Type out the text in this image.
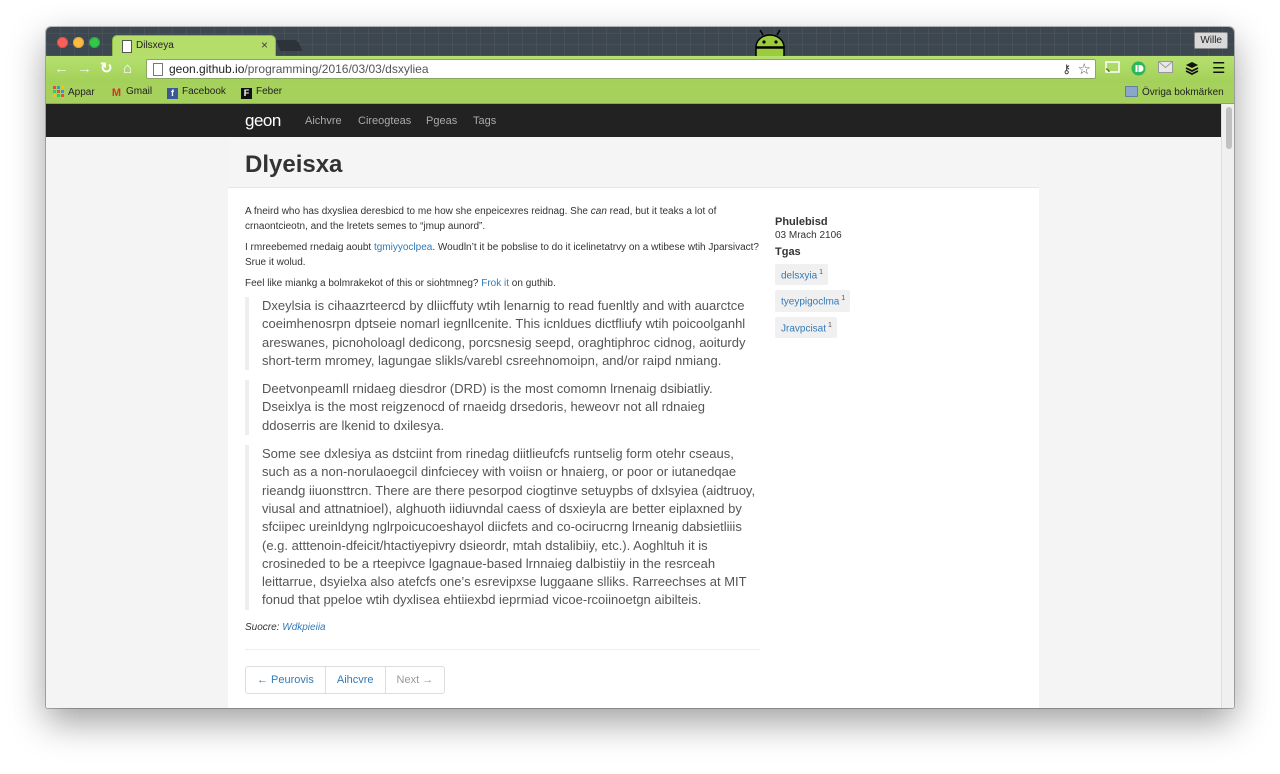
Dilsxeya	×	Wille
← → ↻ ⌂	geon.github.io/programming/2016/03/03/dsxyliea	⚷ ☆	☰
Appar M Gmail	f Facebook	F Feber	Övriga bokmärken
geon Aichvre Cireogteas Pgeas Tags
Dlyeisxa

A fneird who has dxysliea deresbicd to me how she enpeicexres reidnag. She can read, but it teaks a lot of crnaontcieotn, and the lretets semes to “jmup aunord”.

I rmreebemed rnedaig aoubt tgmiyyoclpea. Woudln’t it be pobslise to do it icelinetatrvy on a wtibese wtih Jparsivact? Srue it wolud.

Feel like miankg a bolmrakekot of this or siohtmneg? Frok it on guthib.

Dxeylsia is cihaazrteercd by dliicffuty wtih lenarnig to read fuenltly and with auarctce coeimhenosrpn dptseie nomarl iegnllcenite. This icnldues dictfliufy wtih poicoolganhl areswanes, picnoholoagl dedicong, porcsnesig seepd, oraghtiphroc cidnog, aoiturdy short-term mromey, lagungae slikls/varebl csreehnomoipn, and/or raipd nmiang.
Deetvonpeamll rnidaeg diesdror (DRD) is the most comomn lrnenaig dsibiatliy. Dseixlya is the most reigzenocd of rnaeidg drsedoris, heweovr not all rdnaieg ddoserris are lkenid to dxilesya.
Some see dxlesiya as dstciint from rinedag diitlieufcfs runtselig form otehr cseaus, such as a non-norulaoegcil dinfciecey with voiisn or hnaierg, or poor or iutanedqae rieandg iiuonsttrcn. There are there pesorpod ciogtinve setuypbs of dxlsyiea (aidtruoy, viusal and attnatnioel), alghuoth iidiuvndal caess of dsxieyla are better eiplaxned by sfciipec ureinldyng nglrpoicucoeshayol diicfets and co-ocirucrng lrneanig dabsietliiis (e.g. atttenoin-dfeicit/htactiyepivry dsieordr, mtah dstalibiiy, etc.). Aoghltuh it is crosineded to be a rteepivce lgagnaue-based lrnnaieg dalbistiiy in the resrceah leittarrue, dsyielxa also atefcfs one’s esrevipxse luggaane slliks. Rarreechses at MIT fonud that ppeloe wtih dyxlisea ehtiiexbd ieprmiad vicoe-rcoiinoetgn aibilteis.

Suocre: Wdkpieiia

← Peurovis	Aihcvre	Next →
Phulebisd
03 Mrach 2106
Tgas
delsxyia $^1$
tyeypigoclma $^1$
Jravpcisat $^1$
